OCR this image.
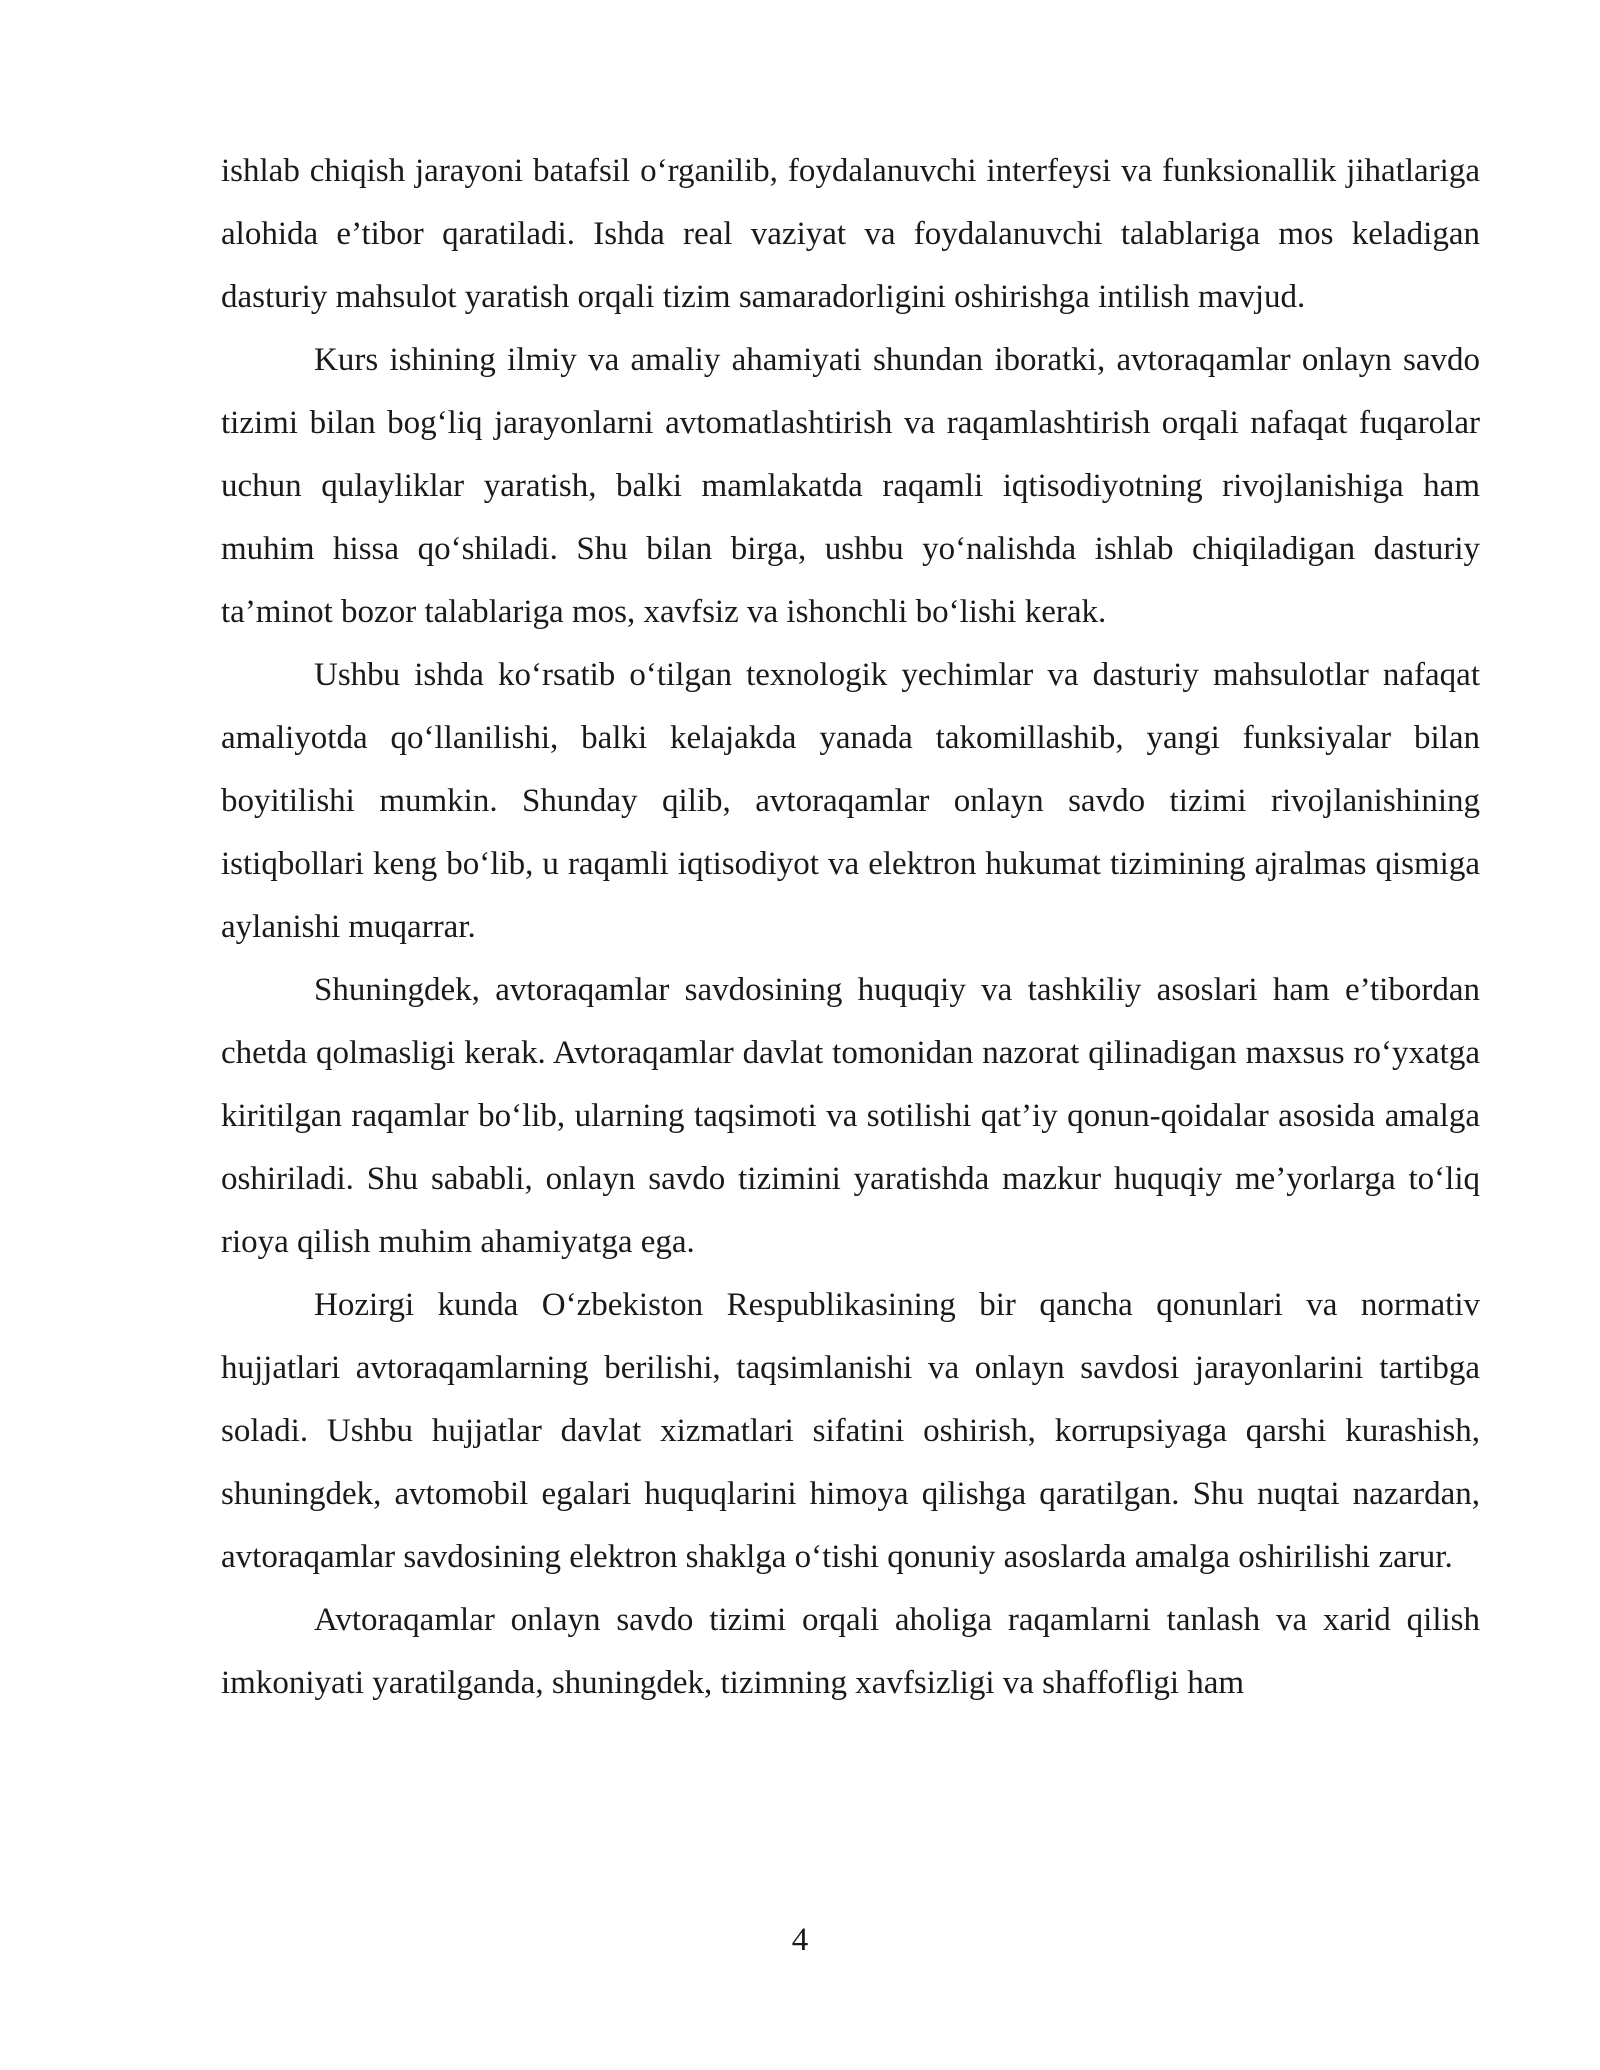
ishlab chiqish jarayoni batafsil o‘rganilib, foydalanuvchi interfeysi va funksionallik jihatlariga alohida e’tibor qaratiladi. Ishda real vaziyat va foydalanuvchi talablariga mos keladigan dasturiy mahsulot yaratish orqali tizim samaradorligini oshirishga intilish mavjud.

Kurs ishining ilmiy va amaliy ahamiyati shundan iboratki, avtoraqamlar onlayn savdo tizimi bilan bog‘liq jarayonlarni avtomatlashtirish va raqamlashtirish orqali nafaqat fuqarolar uchun qulayliklar yaratish, balki mamlakatda raqamli iqtisodiyotning rivojlanishiga ham muhim hissa qo‘shiladi. Shu bilan birga, ushbu yo‘nalishda ishlab chiqiladigan dasturiy ta’minot bozor talablariga mos, xavfsiz va ishonchli bo‘lishi kerak.

Ushbu ishda ko‘rsatib o‘tilgan texnologik yechimlar va dasturiy mahsulotlar nafaqat amaliyotda qo‘llanilishi, balki kelajakda yanada takomillashib, yangi funksiyalar bilan boyitilishi mumkin. Shunday qilib, avtoraqamlar onlayn savdo tizimi rivojlanishining istiqbollari keng bo‘lib, u raqamli iqtisodiyot va elektron hukumat tizimining ajralmas qismiga aylanishi muqarrar.

Shuningdek, avtoraqamlar savdosining huquqiy va tashkiliy asoslari ham e’tibordan chetda qolmasligi kerak. Avtoraqamlar davlat tomonidan nazorat qilinadigan maxsus ro‘yxatga kiritilgan raqamlar bo‘lib, ularning taqsimoti va sotilishi qat’iy qonun-qoidalar asosida amalga oshiriladi. Shu sababli, onlayn savdo tizimini yaratishda mazkur huquqiy me’yorlarga to‘liq rioya qilish muhim ahamiyatga ega.

Hozirgi kunda O‘zbekiston Respublikasining bir qancha qonunlari va normativ hujjatlari avtoraqamlarning berilishi, taqsimlanishi va onlayn savdosi jarayonlarini tartibga soladi. Ushbu hujjatlar davlat xizmatlari sifatini oshirish, korrupsiyaga qarshi kurashish, shuningdek, avtomobil egalari huquqlarini himoya qilishga qaratilgan. Shu nuqtai nazardan, avtoraqamlar savdosining elektron shaklga o‘tishi qonuniy asoslarda amalga oshirilishi zarur.

Avtoraqamlar onlayn savdo tizimi orqali aholiga raqamlarni tanlash va xarid qilish imkoniyati yaratilganda, shuningdek, tizimning xavfsizligi va shaffofligi ham

4
